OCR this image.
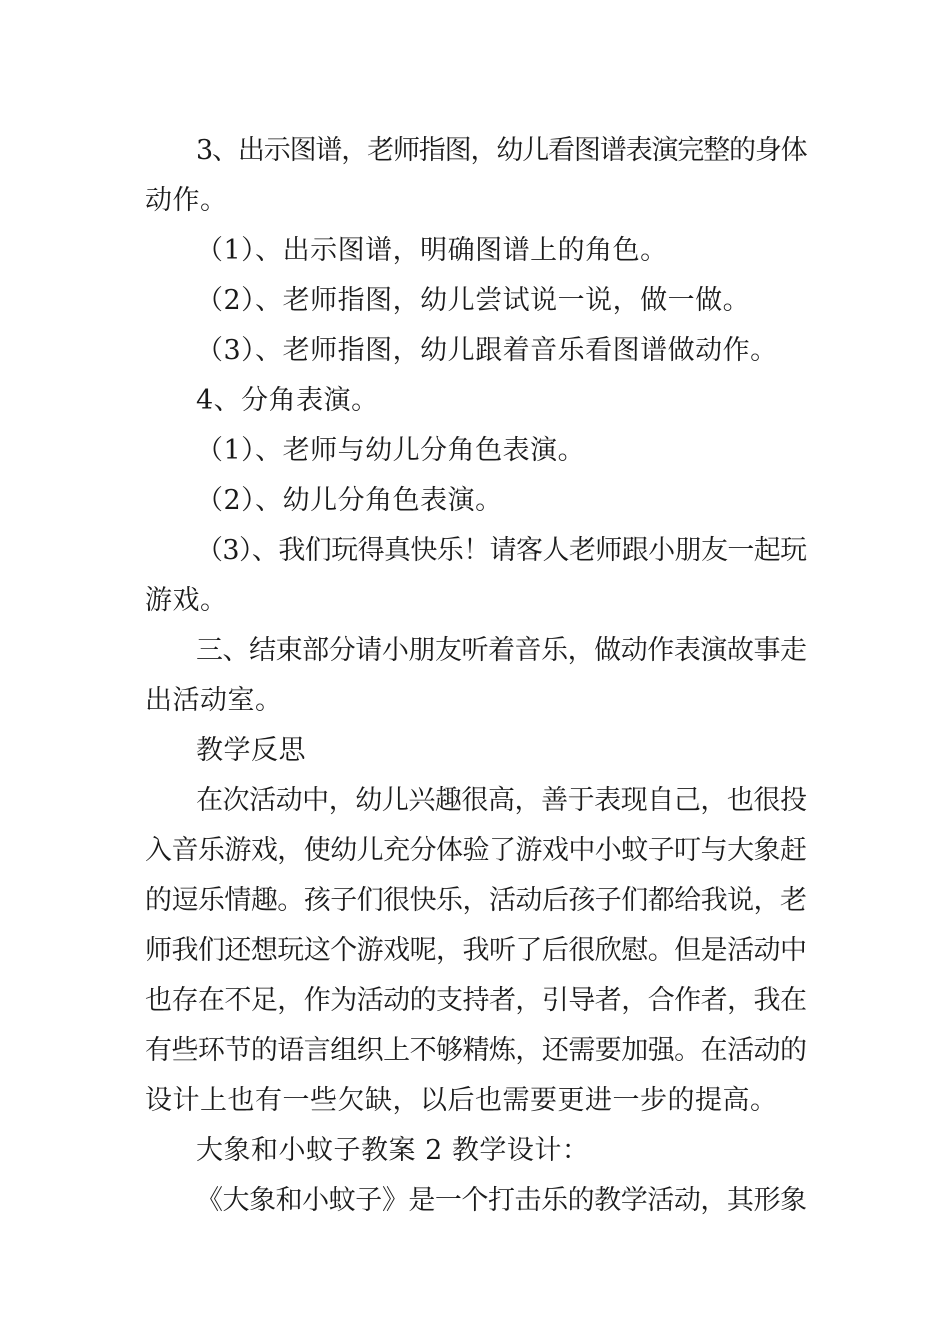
3、出示图谱，老师指图，幼儿看图谱表演完整的身体
动作。
（1）、出示图谱，明确图谱上的角色。
（2）、老师指图，幼儿尝试说一说，做一做。
（3）、老师指图，幼儿跟着音乐看图谱做动作。
4、分角表演。
（1）、老师与幼儿分角色表演。
（2）、幼儿分角色表演。
（3）、我们玩得真快乐！请客人老师跟小朋友一起玩
游戏。
三、结束部分请小朋友听着音乐，做动作表演故事走
出活动室。
教学反思
在次活动中，幼儿兴趣很高，善于表现自己，也很投
入音乐游戏，使幼儿充分体验了游戏中小蚊子叮与大象赶
的逗乐情趣。孩子们很快乐，活动后孩子们都给我说，老
师我们还想玩这个游戏呢，我听了后很欣慰。但是活动中
也存在不足，作为活动的支持者，引导者，合作者，我在
有些环节的语言组织上不够精炼，还需要加强。在活动的
设计上也有一些欠缺，以后也需要更进一步的提高。
大象和小蚊子教案 2 教学设计：
《大象和小蚊子》是一个打击乐的教学活动，其形象
